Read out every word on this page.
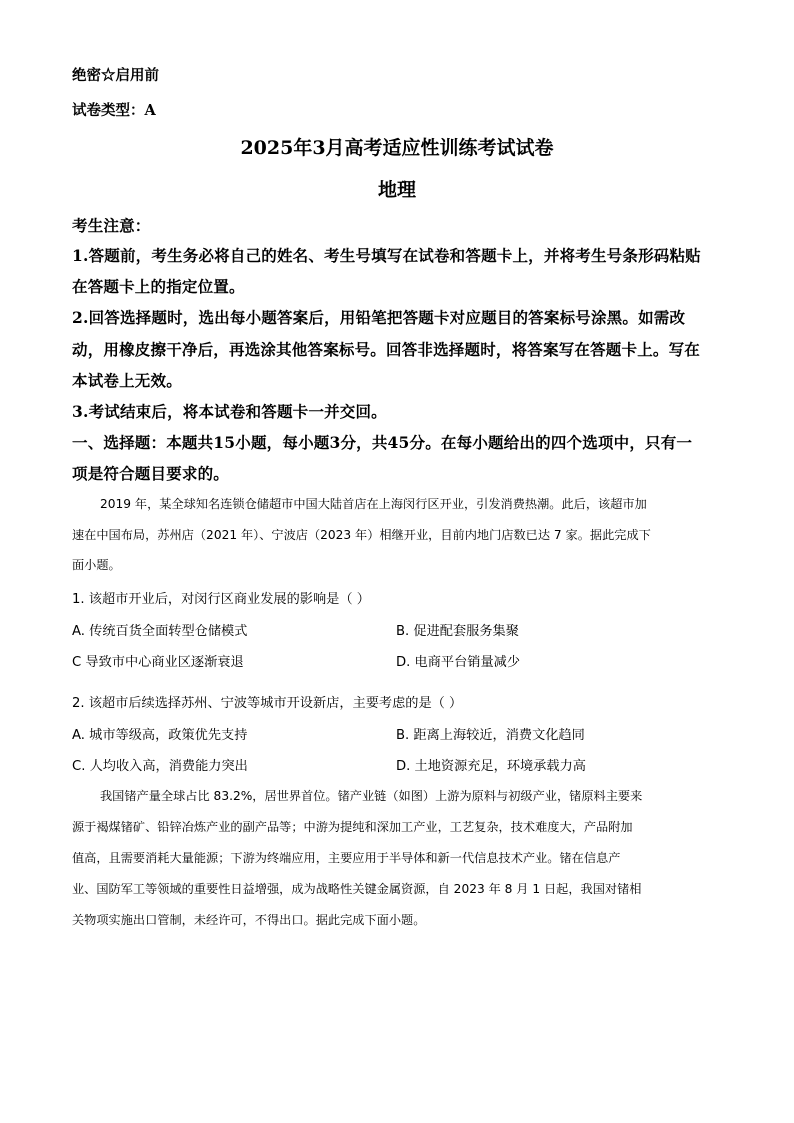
绝密☆启用前
试卷类型：A
2025年3月高考适应性训练考试试卷
地理
考生注意：
1.答题前，考生务必将自己的姓名、考生号填写在试卷和答题卡上，并将考生号条形码粘贴
在答题卡上的指定位置。
2.回答选择题时，选出每小题答案后，用铅笔把答题卡对应题目的答案标号涂黑。如需改
动，用橡皮擦干净后，再选涂其他答案标号。回答非选择题时，将答案写在答题卡上。写在
本试卷上无效。
3.考试结束后，将本试卷和答题卡一并交回。
一、选择题：本题共15小题，每小题3分，共45分。在每小题给出的四个选项中，只有一
项是符合题目要求的。
2019 年，某全球知名连锁仓储超市中国大陆首店在上海闵行区开业，引发消费热潮。此后，该超市加
速在中国布局，苏州店（2021 年）、宁波店（2023 年）相继开业，目前内地门店数已达 7 家。据此完成下
面小题。
1. 该超市开业后，对闵行区商业发展的影响是（ ）
A. 传统百货全面转型仓储模式	B. 促进配套服务集聚
C 导致市中心商业区逐渐衰退	D. 电商平台销量减少
2. 该超市后续选择苏州、宁波等城市开设新店，主要考虑的是（ ）
A. 城市等级高，政策优先支持	B. 距离上海较近，消费文化趋同
C. 人均收入高，消费能力突出	D. 土地资源充足，环境承载力高
我国锗产量全球占比 83.2%，居世界首位。锗产业链（如图）上游为原料与初级产业，锗原料主要来
源于褐煤锗矿、铅锌冶炼产业的副产品等；中游为提纯和深加工产业，工艺复杂，技术难度大，产品附加
值高，且需要消耗大量能源；下游为终端应用，主要应用于半导体和新一代信息技术产业。锗在信息产
业、国防军工等领域的重要性日益增强，成为战略性关键金属资源，自 2023 年 8 月 1 日起，我国对锗相
关物项实施出口管制，未经许可，不得出口。据此完成下面小题。
